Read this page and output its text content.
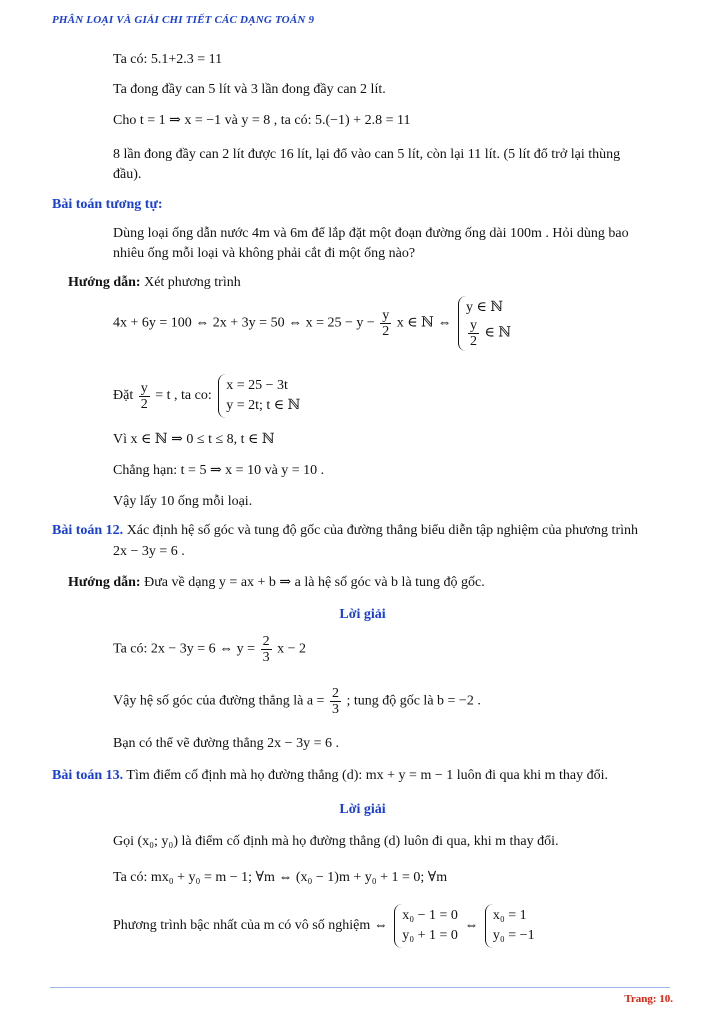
PHÂN LOẠI VÀ GIẢI CHI TIẾT CÁC DẠNG TOÁN 9
Ta có: 5.1+2.3 = 11
Ta đong đầy can 5 lít và 3 lần đong đầy can 2 lít.
Cho t = 1 ⇒ x = −1 và y = 8 , ta có: 5.(−1) + 2.8 = 11
8 lần đong đầy can 2 lít được 16 lít, lại đổ vào can 5 lít, còn lại 11 lít. (5 lít đổ trở lại thùng
đầu).
Bài toán tương tự:
Dùng loại ống dẫn nước 4m và 6m để lắp đặt một đoạn đường ống dài 100m . Hỏi dùng bao
nhiêu ống mỗi loại và không phải cắt đi một ống nào?
Hướng dẫn: Xét phương trình
4x + 6y = 100 ⇔ 2x + 3y = 50 ⇔ $x = 25 - y - \frac{y}{2}$ x ∈ ℕ ⇔
y ∈ ℕ
$\frac{y}{2}$ ∈ ℕ
Đặt $\frac{y}{2} = t$ , ta co:
x = 25 − 3t
y = 2t; t ∈ ℕ
Vì x ∈ ℕ ⇒ 0 ≤ t ≤ 8, t ∈ ℕ
Chẳng hạn: t = 5 ⇒ x = 10 và y = 10 .
Vậy lấy 10 ống mỗi loại.
Bài toán 12. Xác định hệ số góc và tung độ gốc của đường thẳng biểu diễn tập nghiệm của phương trình
2x − 3y = 6 .
Hướng dẫn: Đưa về dạng y = ax + b ⇒ a là hệ số góc và b là tung độ gốc.
Lời giải
Ta có: 2x − 3y = 6 ⇔ $y = \frac{2}{3}$ x − 2
Vậy hệ số góc của đường thẳng là $a = \frac{2}{3}$ ; tung độ gốc là b = −2 .
Bạn có thể vẽ đường thẳng 2x − 3y = 6 .
Bài toán 13. Tìm điểm cố định mà họ đường thẳng (d): mx + y = m − 1 luôn đi qua khi m thay đổi.
Lời giải
Gọi (x₀; y₀) là điểm cố định mà họ đường thẳng (d) luôn đi qua, khi m thay đổi.
Ta có: mx₀ + y₀ = m − 1; ∀m ⇔ (x₀ − 1)m + y₀ + 1 = 0; ∀m
Phương trình bậc nhất của m có vô số nghiệm ⇔
x₀ − 1 = 0
y₀ + 1 = 0
⇔
x₀ = 1
y₀ = −1
Trang: 10.
